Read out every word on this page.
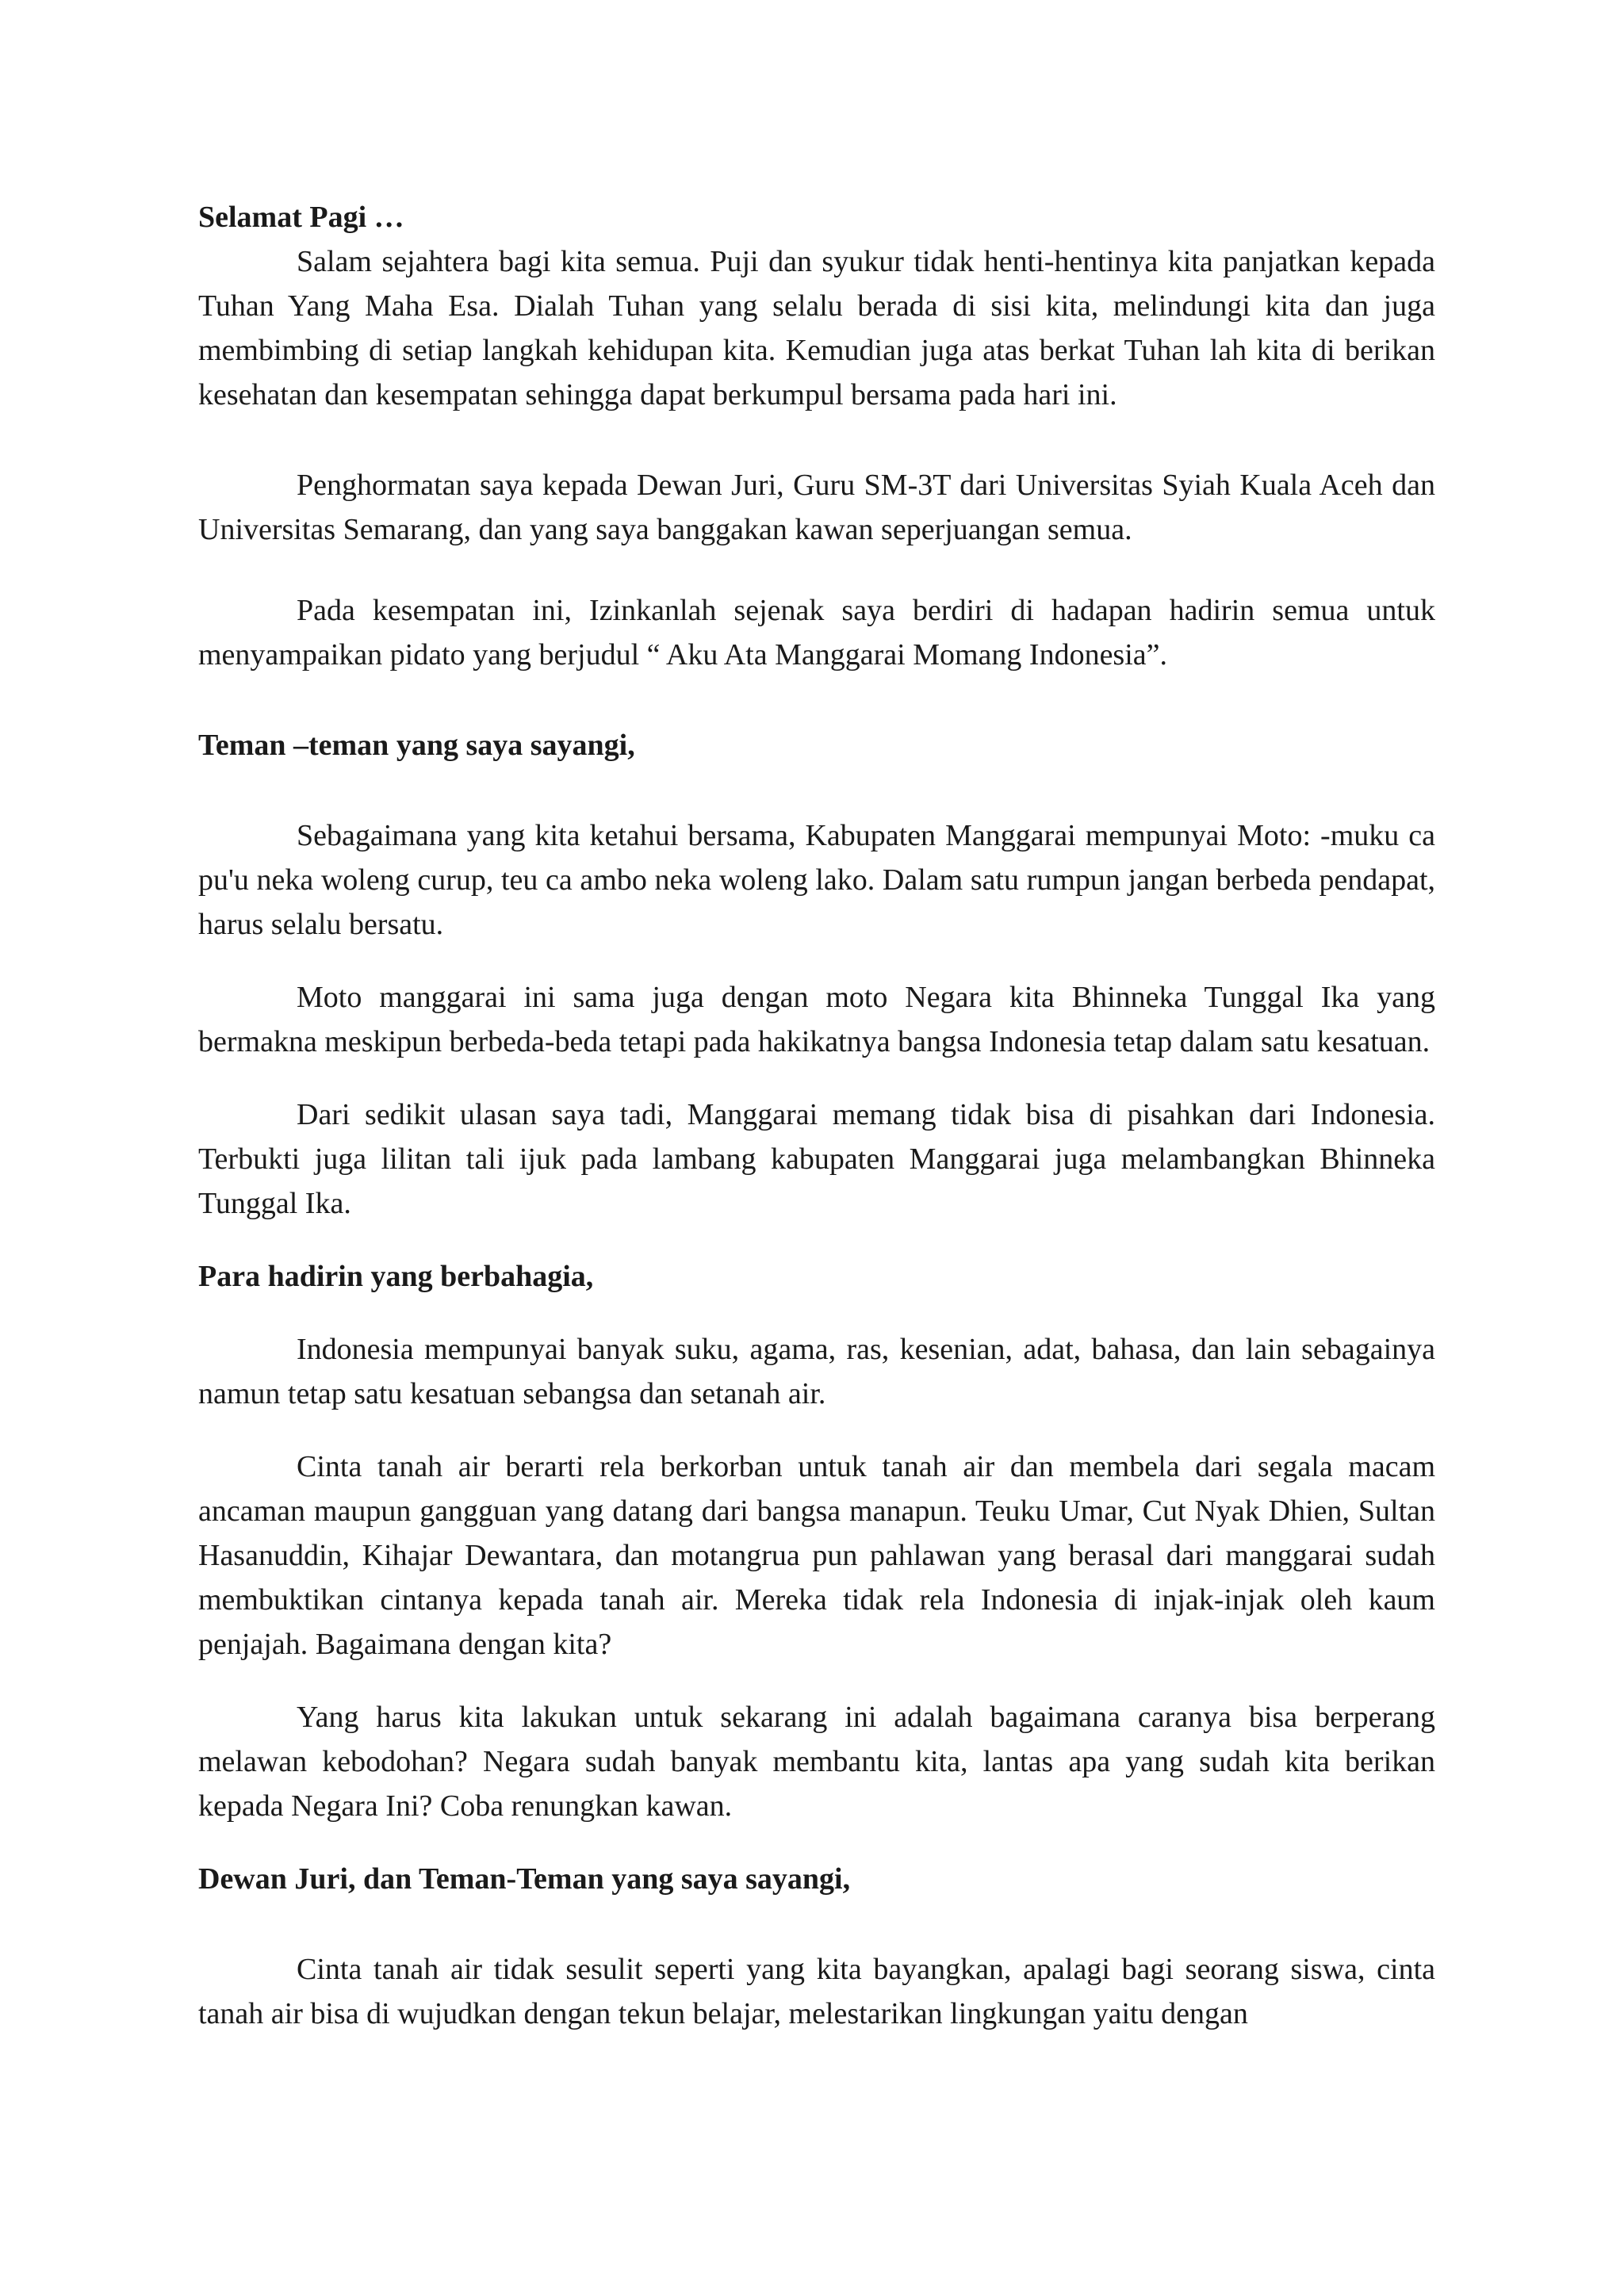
Selamat Pagi …

Salam sejahtera bagi kita semua. Puji dan syukur tidak henti-hentinya kita panjatkan kepada Tuhan Yang Maha Esa. Dialah Tuhan yang selalu berada di sisi kita, melindungi kita dan juga membimbing di setiap langkah kehidupan kita. Kemudian juga atas berkat Tuhan lah kita di berikan kesehatan dan kesempatan sehingga dapat berkumpul bersama pada hari ini.

Penghormatan saya kepada Dewan Juri, Guru SM-3T dari Universitas Syiah Kuala Aceh dan Universitas Semarang, dan yang saya banggakan kawan seperjuangan semua.

Pada kesempatan ini, Izinkanlah sejenak saya berdiri di hadapan hadirin semua untuk menyampaikan pidato yang berjudul “ Aku Ata Manggarai Momang Indonesia”.

Teman –teman yang saya sayangi,

Sebagaimana yang kita ketahui bersama, Kabupaten Manggarai mempunyai Moto: -muku ca pu'u neka woleng curup, teu ca ambo neka woleng lako. Dalam satu rumpun jangan berbeda pendapat, harus selalu bersatu.

Moto manggarai ini sama juga dengan moto Negara kita Bhinneka Tunggal Ika yang bermakna meskipun berbeda-beda tetapi pada hakikatnya bangsa Indonesia tetap dalam satu kesatuan.

Dari sedikit ulasan saya tadi, Manggarai memang tidak bisa di pisahkan dari Indonesia. Terbukti juga lilitan tali ijuk pada lambang kabupaten Manggarai juga melambangkan Bhinneka Tunggal Ika.

Para hadirin yang berbahagia,

Indonesia mempunyai banyak suku, agama, ras, kesenian, adat, bahasa, dan lain sebagainya namun tetap satu kesatuan sebangsa dan setanah air.

Cinta tanah air berarti rela berkorban untuk tanah air dan membela dari segala macam ancaman maupun gangguan yang datang dari bangsa manapun. Teuku Umar, Cut Nyak Dhien, Sultan Hasanuddin, Kihajar Dewantara, dan motangrua pun pahlawan yang berasal dari manggarai sudah membuktikan cintanya kepada tanah air. Mereka tidak rela Indonesia di injak-injak oleh kaum penjajah. Bagaimana dengan kita?

Yang harus kita lakukan untuk sekarang ini adalah bagaimana caranya bisa berperang melawan kebodohan? Negara sudah banyak membantu kita, lantas apa yang sudah kita berikan kepada Negara Ini? Coba renungkan kawan.

Dewan Juri, dan Teman-Teman yang saya sayangi,

Cinta tanah air tidak sesulit seperti yang kita bayangkan, apalagi bagi seorang siswa, cinta tanah air bisa di wujudkan dengan tekun belajar, melestarikan lingkungan yaitu dengan
